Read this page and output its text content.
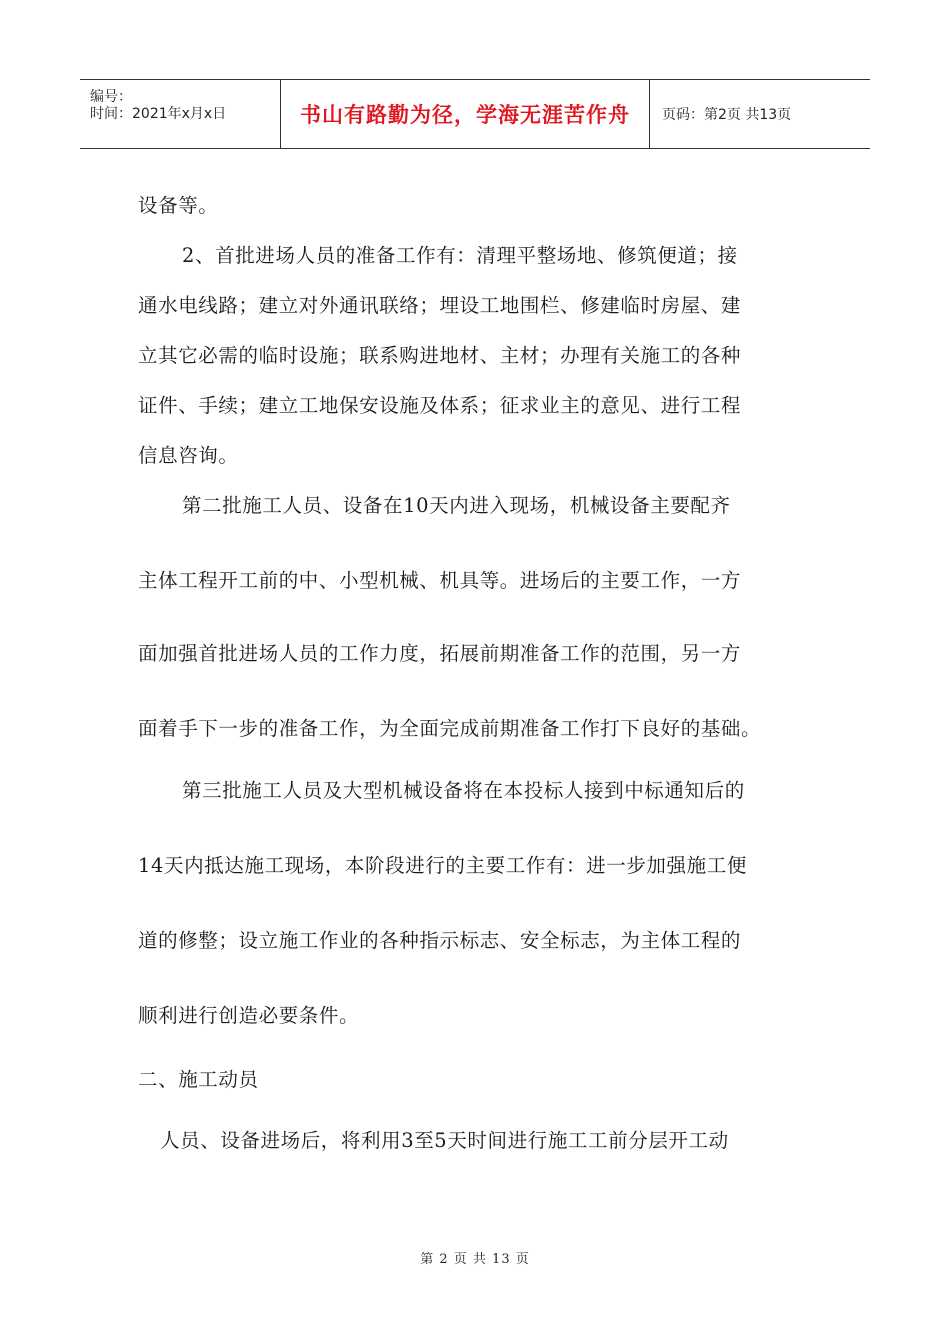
编号：
时间：2021年x月x日	书山有路勤为径，学海无涯苦作舟	页码：第2页 共13页
设备等。
2、首批进场人员的准备工作有：清理平整场地、修筑便道；接
通水电线路；建立对外通讯联络；埋设工地围栏、修建临时房屋、建
立其它必需的临时设施；联系购进地材、主材；办理有关施工的各种
证件、手续；建立工地保安设施及体系；征求业主的意见、进行工程
信息咨询。
第二批施工人员、设备在10天内进入现场，机械设备主要配齐
主体工程开工前的中、小型机械、机具等。进场后的主要工作，一方
面加强首批进场人员的工作力度，拓展前期准备工作的范围，另一方
面着手下一步的准备工作，为全面完成前期准备工作打下良好的基础。
第三批施工人员及大型机械设备将在本投标人接到中标通知后的
14天内抵达施工现场，本阶段进行的主要工作有：进一步加强施工便
道的修整；设立施工作业的各种指示标志、安全标志，为主体工程的
顺利进行创造必要条件。
二、施工动员
人员、设备进场后，将利用3至5天时间进行施工工前分层开工动
第 2 页 共 13 页
